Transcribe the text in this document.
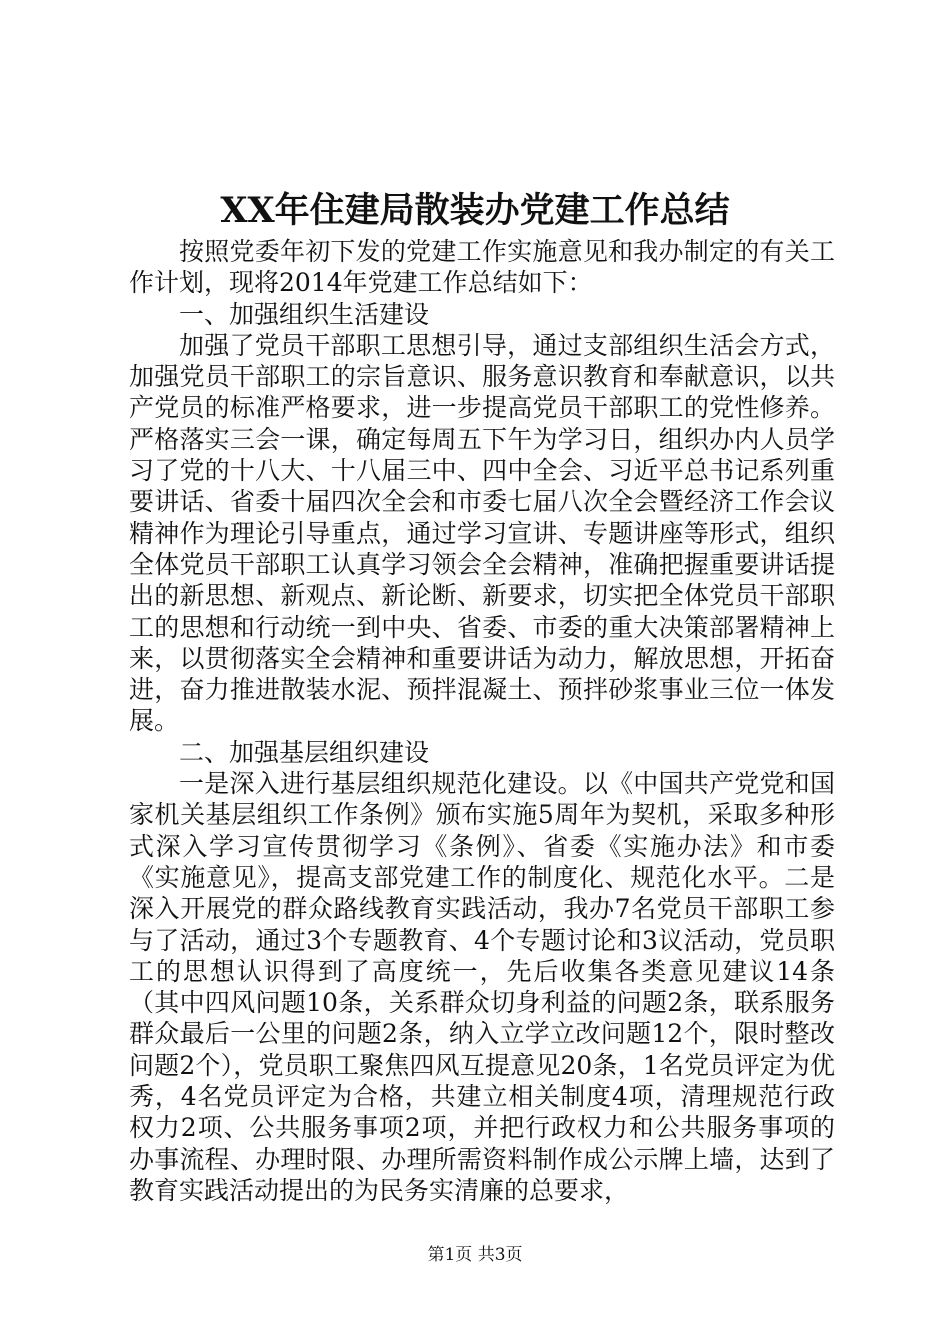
XX年住建局散装办党建工作总结

按照党委年初下发的党建工作实施意见和我办制定的有关工作计划，现将2014年党建工作总结如下：

一、加强组织生活建设

加强了党员干部职工思想引导，通过支部组织生活会方式，加强党员干部职工的宗旨意识、服务意识教育和奉献意识，以共产党员的标准严格要求，进一步提高党员干部职工的党性修养。严格落实三会一课，确定每周五下午为学习日，组织办内人员学习了党的十八大、十八届三中、四中全会、习近平总书记系列重要讲话、省委十届四次全会和市委七届八次全会暨经济工作会议精神作为理论引导重点，通过学习宣讲、专题讲座等形式，组织全体党员干部职工认真学习领会全会精神，准确把握重要讲话提出的新思想、新观点、新论断、新要求，切实把全体党员干部职工的思想和行动统一到中央、省委、市委的重大决策部署精神上来，以贯彻落实全会精神和重要讲话为动力，解放思想，开拓奋进，奋力推进散装水泥、预拌混凝土、预拌砂浆事业三位一体发展。

二、加强基层组织建设

一是深入进行基层组织规范化建设。以《中国共产党党和国家机关基层组织工作条例》颁布实施5周年为契机，采取多种形式深入学习宣传贯彻学习《条例》、省委《实施办法》和市委《实施意见》，提高支部党建工作的制度化、规范化水平。二是深入开展党的群众路线教育实践活动，我办7名党员干部职工参与了活动，通过3个专题教育、4个专题讨论和3议活动，党员职工的思想认识得到了高度统一，先后收集各类意见建议14条（其中四风问题10条，关系群众切身利益的问题2条，联系服务群众最后一公里的问题2条，纳入立学立改问题12个，限时整改问题2个），党员职工聚焦四风互提意见20条，1名党员评定为优秀，4名党员评定为合格，共建立相关制度4项，清理规范行政权力2项、公共服务事项2项，并把行政权力和公共服务事项的办事流程、办理时限、办理所需资料制作成公示牌上墙，达到了教育实践活动提出的为民务实清廉的总要求，

第1页 共3页
